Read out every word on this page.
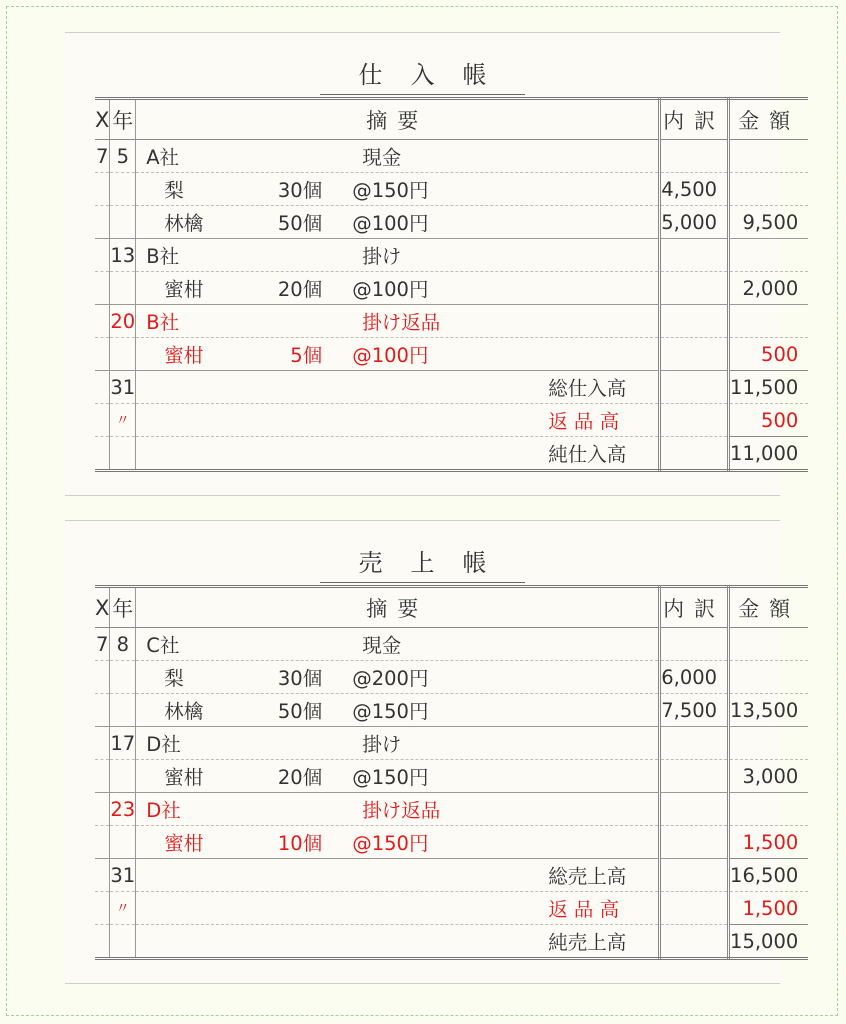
仕 入 帳
X	年	摘要	内訳	金額
7	5	A社 現金		

		梨 30個 @150円	4,500	

		林檎 50個 @100円	5,000	9,500
	13	B社 掛け		

		蜜柑 20個 @100円		2,000
	20	B社 掛け返品		

		蜜柑 5個 @100円		500
	31	総仕入高		11,500
	〃	返 品 高		500

		純仕入高		11,000
売 上 帳
X	年	摘要	内訳	金額
7	8	C社 現金		

		梨 30個 @200円	6,000	

		林檎 50個 @150円	7,500	13,500
	17	D社 掛け		

		蜜柑 20個 @150円		3,000
	23	D社 掛け返品		

		蜜柑 10個 @150円		1,500
	31	総売上高		16,500
	〃	返 品 高		1,500

		純売上高		15,000
